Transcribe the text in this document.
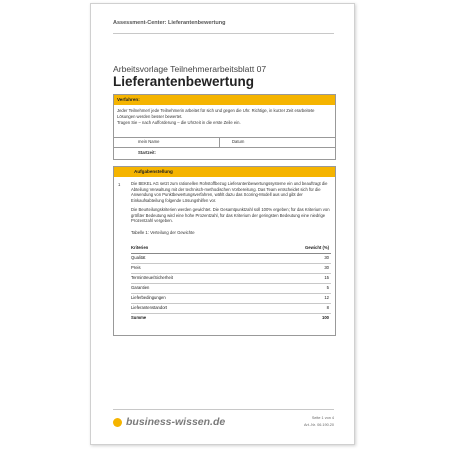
Assessment-Center: Lieferantenbewertung
Arbeitsvorlage Teilnehmerarbeitsblatt 07
Lieferantenbewertung
Verfahren:
Jeder Teilnehmer/ jede Teilnehmerin arbeitet für sich und gegen die Uhr. Richtige, in kurzer Zeit erarbeitete Lösungen werden besser bewertet.
Tragen Sie – nach Aufforderung – die Uhrzeit in die erste Zeile ein.
mein Name	Datum
Startzeit:
Aufgabenstellung
1	Die BEKEL AG setzt zum rationellen Rohstoffbezug Lieferantenbewertungssysteme ein und beauftragt die Abteilung Verwaltung mit der technisch-methodischen Vorbereitung. Das Team entscheidet sich für die Anwendung von Punktbewertungsverfahren, wählt dazu das Scoring-Modell aus und gibt der Einkaufsabteilung folgende Lösungshilfen vor.
Die Beurteilungskriterien werden gewichtet. Die Gesamtpunktzahl soll 100% ergeben; für das Kriterium von größter Bedeutung wird eine hohe Prozentzahl, für das Kriterium der geringsten Bedeutung eine niedrige Prozentzahl vergeben.
Tabelle 1: Verteilung der Gewichte
Kriterien	Gewicht (%)
Qualität	30
Preis	30
Termintreue/Sicherheit	15
Garantien	5
Lieferbedingungen	12
Lieferantenstandort	8
Summe	100
business-wissen.de	Seite 1 von 4
Art.-Nr. 06.190.20
